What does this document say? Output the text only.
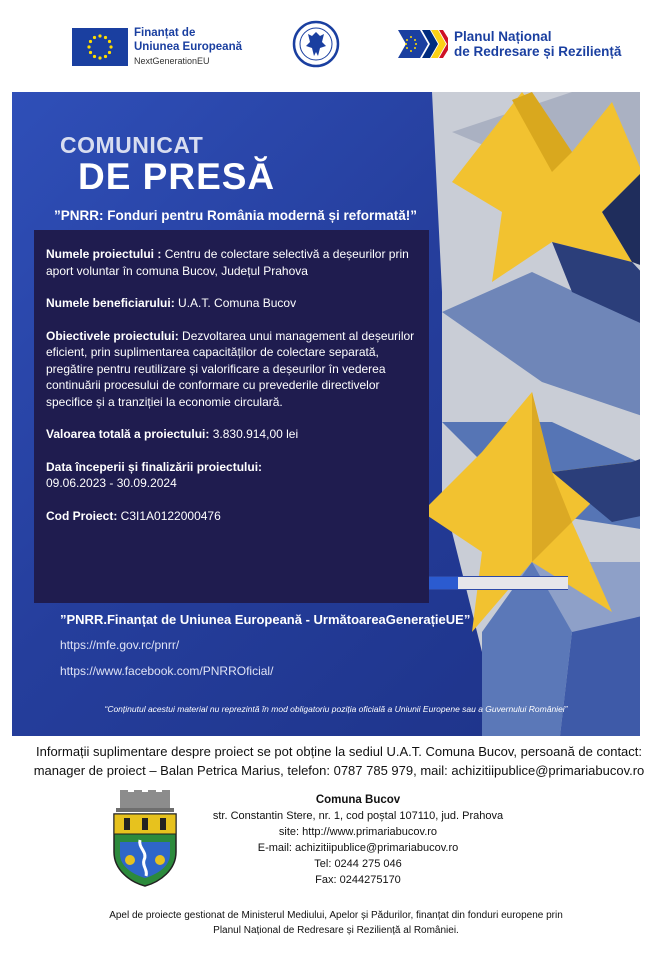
Finanțat de
Uniunea Europeană
NextGenerationEU
Planul Național
de Redresare și Reziliență
COMUNICAT
DE PRESĂ
”PNRR: Fonduri pentru România modernă și reformată!”

Numele proiectului : Centru de colectare selectivă a deșeurilor prin aport voluntar în comuna Bucov, Județul Prahova

Numele beneficiarului: U.A.T. Comuna Bucov

Obiectivele proiectului: Dezvoltarea unui management al deșeurilor eficient, prin suplimentarea capacităților de colectare separată, pregătire pentru reutilizare și valorificare a deșeurilor în vederea continuării procesului de conformare cu prevederile directivelor specifice și a tranziției la economie circulară.

Valoarea totală a proiectului: 3.830.914,00 lei

Data începerii și finalizării proiectului:
09.06.2023 - 30.09.2024

Cod Proiect: C3I1A0122000476

”PNRR.Finanțat de Uniunea Europeană - UrmătoareaGenerațieUE”
https://mfe.gov.rc/pnrr/
https://www.facebook.com/PNRROficial/
“Conținutul acestui material nu reprezintă în mod obligatoriu poziția oficială a Uniunii Europene sau a Guvernului României”
Informații suplimentare despre proiect se pot obține la sediul U.A.T. Comuna Bucov, persoană de contact:
manager de proiect – Balan Petrica Marius, telefon: 0787 785 979, mail: achizitiipublice@primariabucov.ro
Comuna Bucov
str. Constantin Stere, nr. 1, cod poștal 107110, jud. Prahova
site: http://www.primariabucov.ro
E-mail: achizitiipublice@primariabucov.ro
Tel: 0244 275 046
Fax: 0244275170
Apel de proiecte gestionat de Ministerul Mediului, Apelor și Pădurilor, finanțat din fonduri europene prin
Planul Național de Redresare și Reziliență al României.
